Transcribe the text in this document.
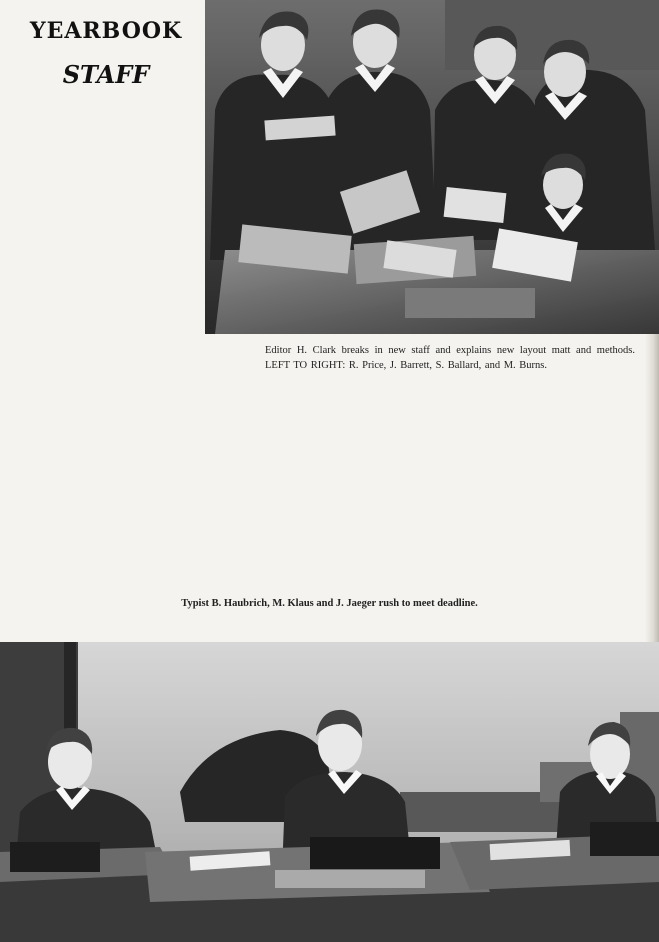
yearbook
staff
Editor H. Clark breaks in new staff and explains new layout matt and methods. LEFT TO RIGHT: R. Price, J. Barrett, S. Ballard, and M. Burns.
Typist B. Haubrich, M. Klaus and J. Jaeger rush to meet deadline.
